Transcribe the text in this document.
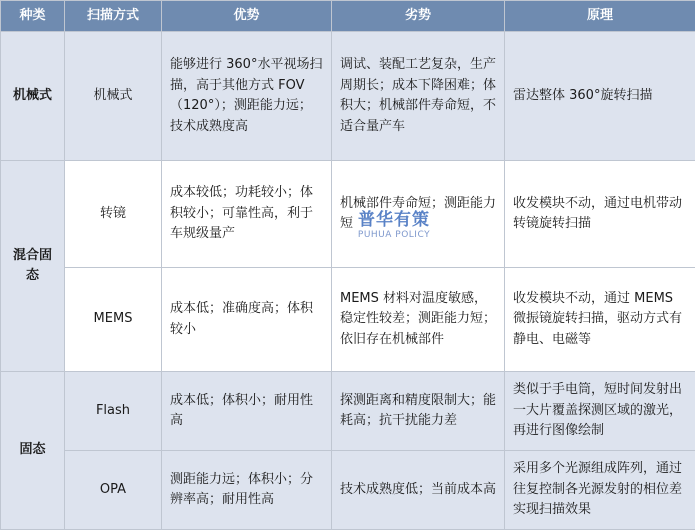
种类	扫描方式	优势	劣势	原理
机械式	机械式	能够进行 360°水平视场扫描，高于其他方式 FOV（120°）；测距能力远；技术成熟度高	调试、装配工艺复杂，生产周期长；成本下降困难；体积大；机械部件寿命短，不适合量产车	雷达整体 360°旋转扫描
混合固态	转镜	成本较低；功耗较小；体积较小；可靠性高，利于车规级量产	机械部件寿命短；测距能力短	收发模块不动，通过电机带动转镜旋转扫描
	MEMS	成本低；准确度高；体积较小	MEMS 材料对温度敏感，稳定性较差；测距能力短；依旧存在机械部件	收发模块不动，通过 MEMS 微振镜旋转扫描，驱动方式有静电、电磁等
固态	Flash	成本低；体积小；耐用性高	探测距离和精度限制大；能耗高；抗干扰能力差	类似于手电筒，短时间发射出一大片覆盖探测区域的激光，再进行图像绘制
	OPA	测距能力远；体积小；分辨率高；耐用性高	技术成熟度低；当前成本高	采用多个光源组成阵列，通过往复控制各光源发射的相位差实现扫描效果
普华有策
PUHUA POLICY
